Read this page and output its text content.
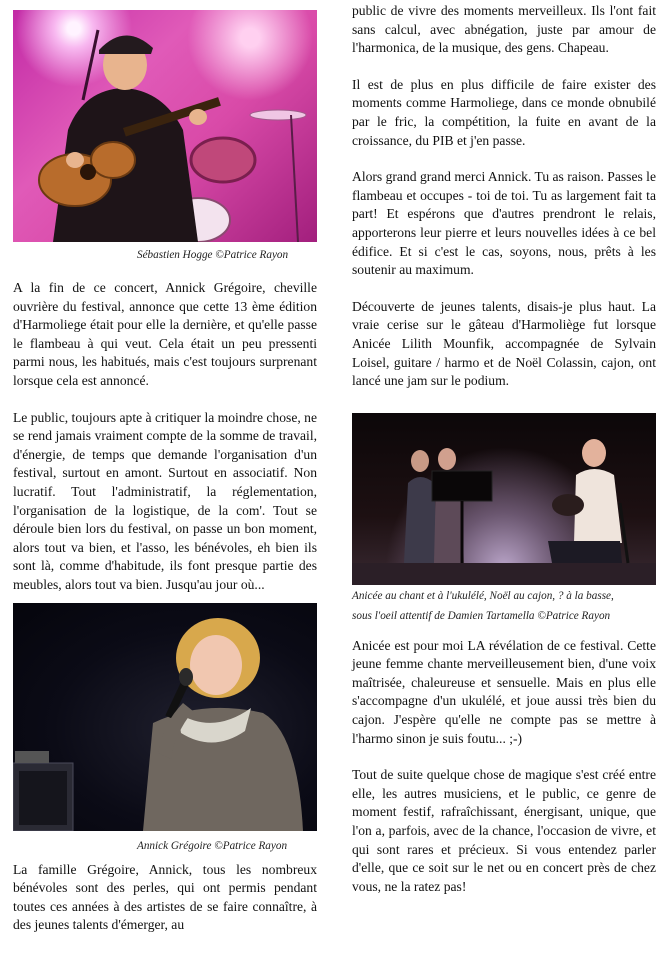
Sébastien Hogge ©Patrice Rayon

A la fin de ce concert, Annick Grégoire, cheville ouvrière du festival, annonce que cette 13 ème édition d'Harmoliege était pour elle la dernière, et qu'elle passe le flambeau à qui veut. Cela était un peu pressenti parmi nous, les habitués, mais c'est toujours surprenant lorsque cela est annoncé.

Le public, toujours apte à critiquer la moindre chose, ne se rend jamais vraiment compte de la somme de travail, d'énergie, de temps que demande l'organisation d'un festival, surtout en amont. Surtout en associatif. Non lucratif. Tout l'administratif, la réglementation, l'organisation de la logistique, de la com'. Tout se déroule bien lors du festival, on passe un bon moment, alors tout va bien, et l'asso, les bénévoles, eh bien ils sont là, comme d'habitude, ils font presque partie des meubles, alors tout va bien. Jusqu'au jour où...

Annick Grégoire ©Patrice Rayon

La famille Grégoire, Annick, tous les nombreux bénévoles sont des perles, qui ont permis pendant toutes ces années à des artistes de se faire connaître, à des jeunes talents d'émerger, au

public de vivre des moments merveilleux. Ils l'ont fait sans calcul, avec abnégation, juste par amour de l'harmonica, de la musique, des gens. Chapeau.

Il est de plus en plus difficile de faire exister des moments comme Harmoliege, dans ce monde obnubilé par le fric, la compétition, la fuite en avant de la croissance, du PIB et j'en passe.

Alors grand grand merci Annick. Tu as raison. Passes le flambeau et occupes - toi de toi. Tu as largement fait ta part! Et espérons que d'autres prendront le relais, apporterons leur pierre et leurs nouvelles idées à ce bel édifice. Et si c'est le cas, soyons, nous, prêts à les soutenir au maximum.

Découverte de jeunes talents, disais-je plus haut. La vraie cerise sur le gâteau d'Harmoliège fut lorsque Anicée Lilith Mounfik, accompagnée de Sylvain Loisel, guitare / harmo et de Noël Colassin, cajon, ont lancé une jam sur le podium.

Anicée au chant et à l'ukulélé, Noël au cajon, ? à la basse,
sous l'oeil attentif de Damien Tartamella ©Patrice Rayon

Anicée est pour moi LA révélation de ce festival. Cette jeune femme chante merveilleusement bien, d'une voix maîtrisée, chaleureuse et sensuelle. Mais en plus elle s'accompagne d'un ukulélé, et joue aussi très bien du cajon. J'espère qu'elle ne compte pas se mettre à l'harmo sinon je suis foutu... ;-)

Tout de suite quelque chose de magique s'est créé entre elle, les autres musiciens, et le public, ce genre de moment festif, rafraîchissant, énergisant, unique, que l'on a, parfois, avec de la chance, l'occasion de vivre, et qui sont rares et précieux. Si vous entendez parler d'elle, que ce soit sur le net ou en concert près de chez vous, ne la ratez pas!
